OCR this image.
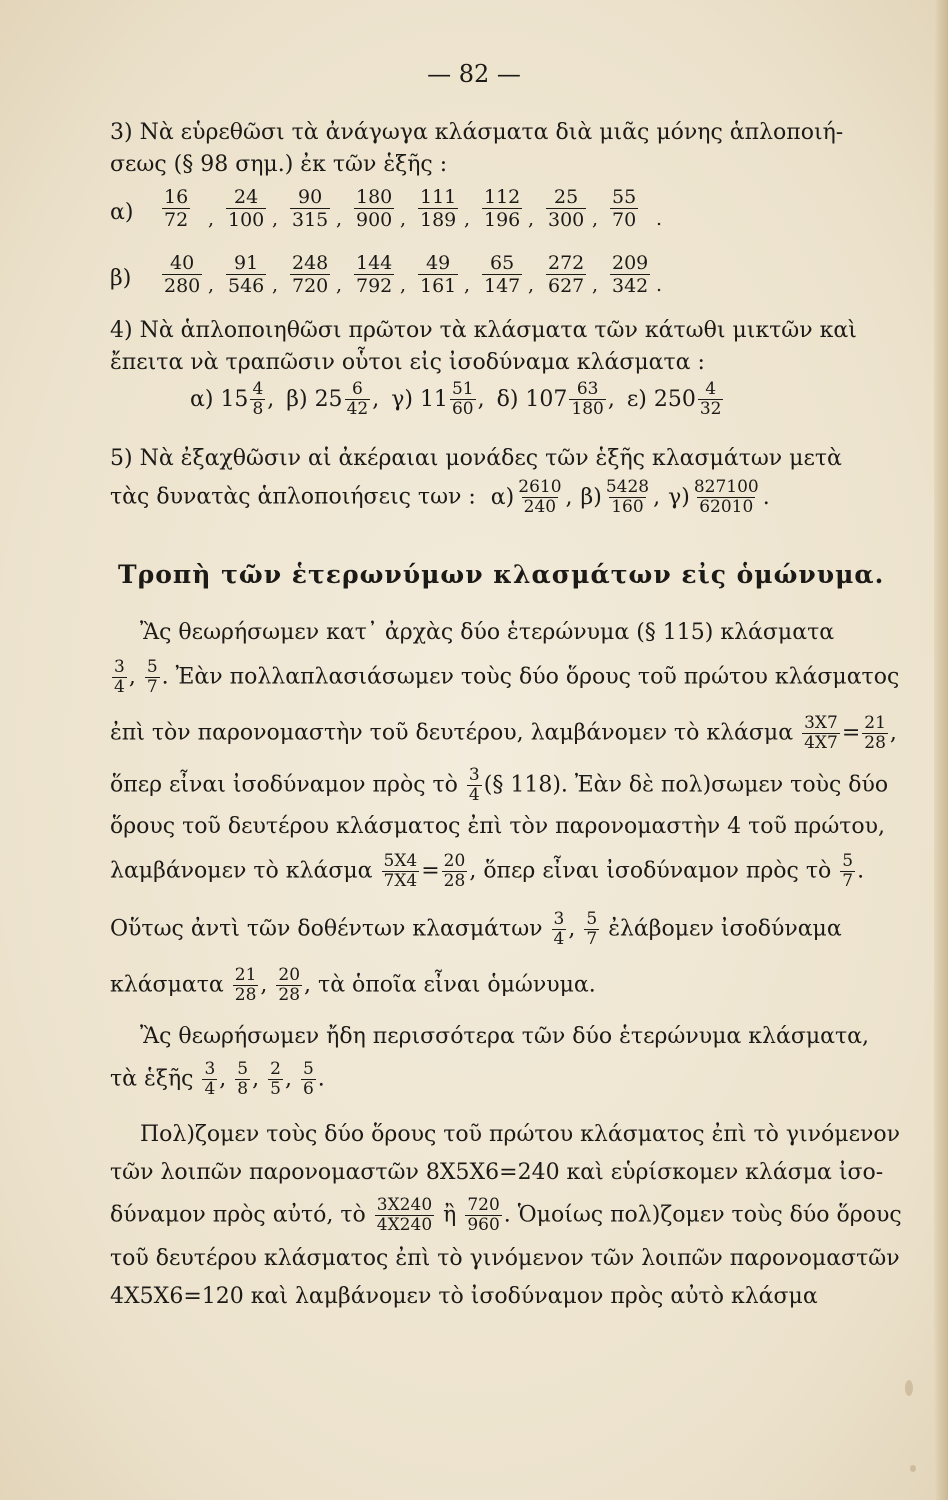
— 82 —
3) Νὰ εὑρεθῶσι τὰ ἀνάγωγα κλάσματα διὰ μιᾶς μόνης ἁπλοποιή-
σεως (§ 98 σημ.) ἐκ τῶν ἑξῆς :
α)
16
72 ,
24
100 ,
90
315 ,
180
900 ,
111
189 ,
112
196 ,
25
300 ,
55
70 .
β)
40
280 ,
91
546 ,
248
720 ,
144
792 ,
49
161 ,
65
147 ,
272
627 ,
209
342 .
4) Νὰ ἁπλοποιηθῶσι πρῶτον τὰ κλάσματα τῶν κάτωθι μικτῶν καὶ
ἔπειτα νὰ τραπῶσιν οὗτοι εἰς ἰσοδύναμα κλάσματα :
α) $15 \frac{4}{8}$ , β) $25 \frac{6}{42}$ , γ) $11 \frac{51}{60}$ , δ) $107 \frac{63}{180}$ , ε) $250 \frac{4}{32}$
5) Νὰ ἐξαχθῶσιν αἱ ἀκέραιαι μονάδες τῶν ἑξῆς κλασμάτων μετὰ
τὰς δυνατὰς ἁπλοποιήσεις των : $\alpha) \frac{2610}{240}$ , $\beta) \frac{5428}{160}$ , $\gamma) \frac{827100}{62010}$ .
Τροπὴ τῶν ἑτερωνύμων κλασμάτων εἰς ὁμώνυμα.
Ἂς θεωρήσωμεν κατ᾽ ἀρχὰς δύο ἑτερώνυμα (§ 115) κλάσματα
$\frac{3}{4}$ , $\frac{5}{7}$ . Ἐὰν πολλαπλασιάσωμεν τοὺς δύο ὅρους τοῦ πρώτου κλάσματος
ἐπὶ τὸν παρονομαστὴν τοῦ δευτέρου, λαμβάνομεν τὸ κλάσμα $\frac{3X7}{4X7} = \frac{21}{28}$ ,
ὅπερ εἶναι ἰσοδύναμον πρὸς τὸ $\frac{3}{4}$ (§ 118). Ἐὰν δὲ πολ)σωμεν τοὺς δύο
ὅρους τοῦ δευτέρου κλάσματος ἐπὶ τὸν παρονομαστὴν 4 τοῦ πρώτου,
λαμβάνομεν τὸ κλάσμα $\frac{5X4}{7X4} = \frac{20}{28}$ , ὅπερ εἶναι ἰσοδύναμον πρὸς τὸ $\frac{5}{7}$ .
Οὕτως ἀντὶ τῶν δοθέντων κλασμάτων $\frac{3}{4}$ , $\frac{5}{7}$ ἐλάβομεν ἰσοδύναμα
κλάσματα $\frac{21}{28}$ , $\frac{20}{28}$ , τὰ ὁποῖα εἶναι ὁμώνυμα.
Ἂς θεωρήσωμεν ἤδη περισσότερα τῶν δύο ἑτερώνυμα κλάσματα,
τὰ ἑξῆς $\frac{3}{4}$ , $\frac{5}{8}$ , $\frac{2}{5}$ , $\frac{5}{6}$ .
Πολ)ζομεν τοὺς δύο ὅρους τοῦ πρώτου κλάσματος ἐπὶ τὸ γινόμενον
τῶν λοιπῶν παρονομαστῶν 8X5X6=240 καὶ εὑρίσκομεν κλάσμα ἰσο-
δύναμον πρὸς αὐτό, τὸ $\frac{3X240}{4X240}$ ἢ $\frac{720}{960}$ . Ὁμοίως πολ)ζομεν τοὺς δύο ὅρους
τοῦ δευτέρου κλάσματος ἐπὶ τὸ γινόμενον τῶν λοιπῶν παρονομαστῶν
4X5X6=120 καὶ λαμβάνομεν τὸ ἰσοδύναμον πρὸς αὐτὸ κλάσμα
